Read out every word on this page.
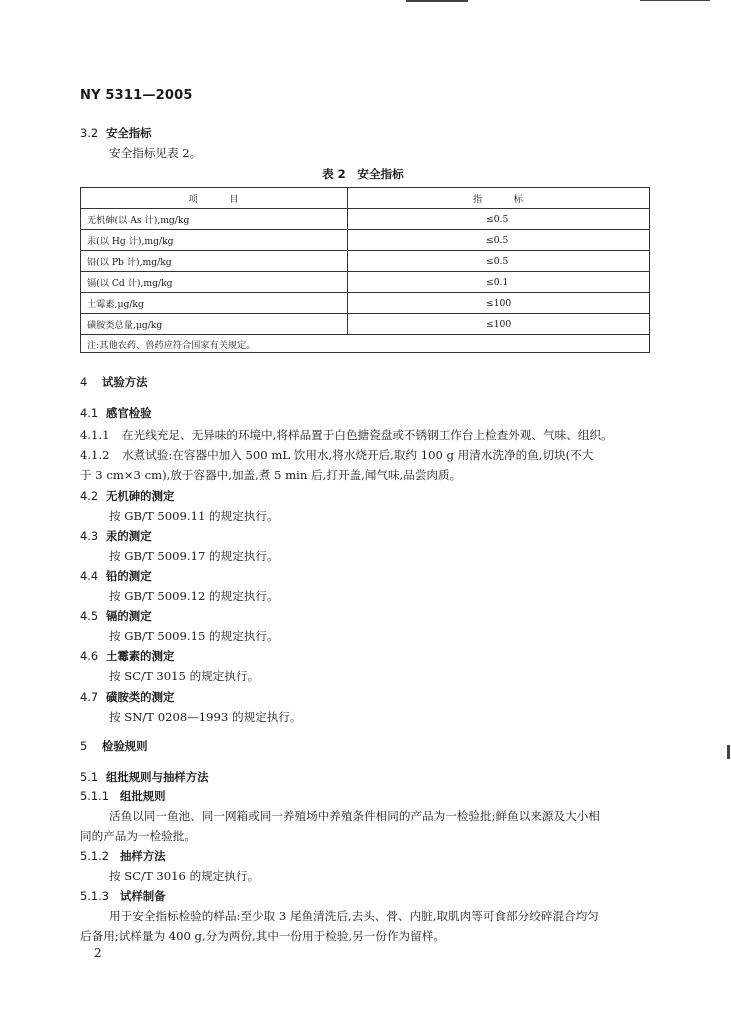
NY 5311—2005
3.2 安全指标
安全指标见表 2。
表 2　安全指标
项　　　目	指　　　标
无机砷(以 As 计),mg/kg	≤0.5
汞(以 Hg 计),mg/kg	≤0.5
铅(以 Pb 计),mg/kg	≤0.5
镉(以 Cd 计),mg/kg	≤0.1
土霉素,μg/kg	≤100
磺胺类总量,μg/kg	≤100
注:其他农药、兽药应符合国家有关规定。	
4 试验方法
4.1 感官检验
4.1.1 在光线充足、无异味的环境中,将样品置于白色搪瓷盘或不锈钢工作台上检查外观、气味、组织。
4.1.2 水煮试验:在容器中加入 500 mL 饮用水,将水烧开后,取约 100 g 用清水洗净的鱼,切块(不大
于 3 cm×3 cm),放于容器中,加盖,煮 5 min 后,打开盖,闻气味,品尝肉质。
4.2 无机砷的测定
按 GB/T 5009.11 的规定执行。
4.3 汞的测定
按 GB/T 5009.17 的规定执行。
4.4 铅的测定
按 GB/T 5009.12 的规定执行。
4.5 镉的测定
按 GB/T 5009.15 的规定执行。
4.6 土霉素的测定
按 SC/T 3015 的规定执行。
4.7 磺胺类的测定
按 SN/T 0208—1993 的规定执行。
5 检验规则
5.1 组批规则与抽样方法
5.1.1 组批规则
活鱼以同一鱼池、同一网箱或同一养殖场中养殖条件相同的产品为一检验批;鲜鱼以来源及大小相
同的产品为一检验批。
5.1.2 抽样方法
按 SC/T 3016 的规定执行。
5.1.3 试样制备
用于安全指标检验的样品:至少取 3 尾鱼清洗后,去头、骨、内脏,取肌肉等可食部分绞碎混合均匀
后备用;试样量为 400 g,分为两份,其中一份用于检验,另一份作为留样。
2
